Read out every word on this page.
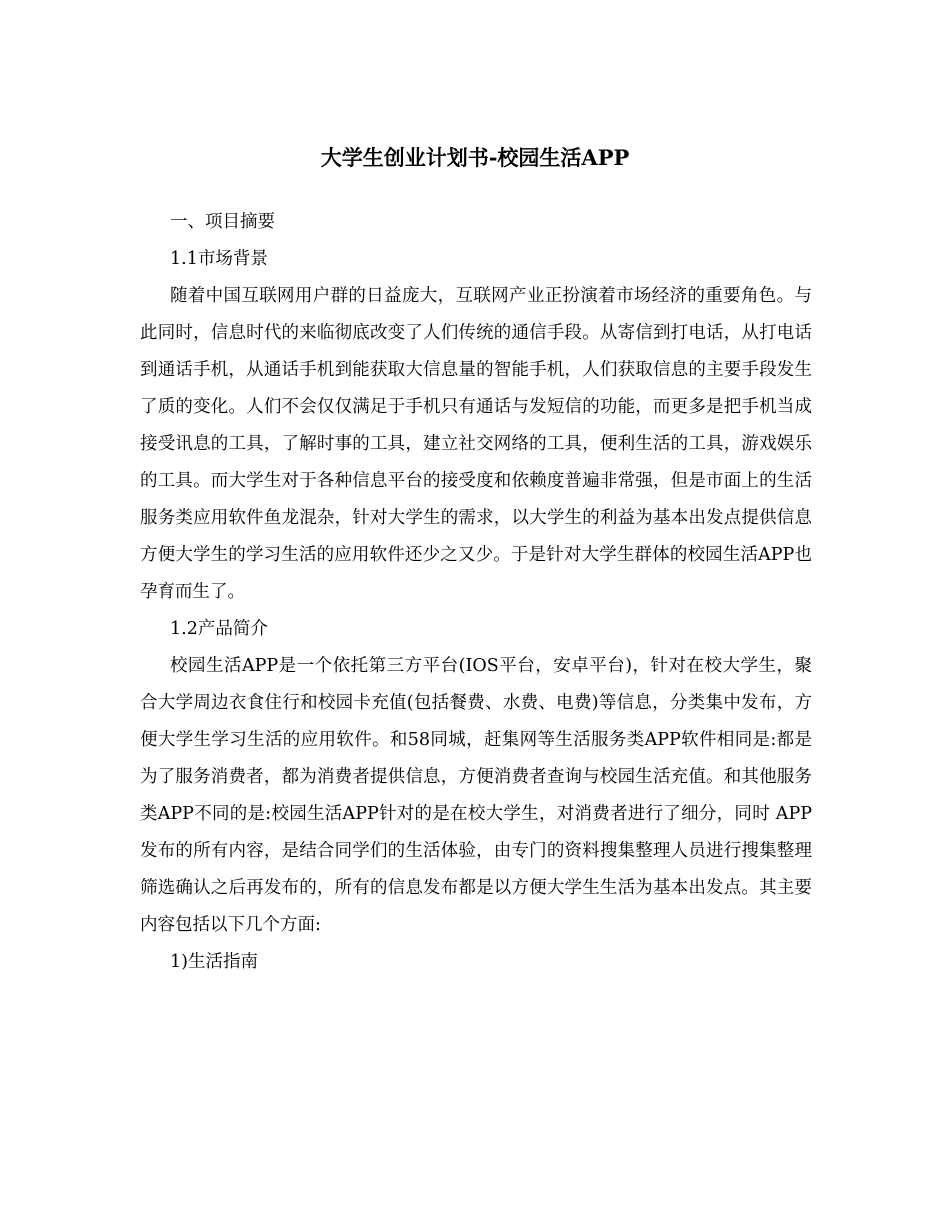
大学生创业计划书-校园生活APP

一、项目摘要

1.1市场背景

随着中国互联网用户群的日益庞大，互联网产业正扮演着市场经济的重要角色。与此同时，信息时代的来临彻底改变了人们传统的通信手段。从寄信到打电话，从打电话到通话手机，从通话手机到能获取大信息量的智能手机，人们获取信息的主要手段发生了质的变化。人们不会仅仅满足于手机只有通话与发短信的功能，而更多是把手机当成接受讯息的工具，了解时事的工具，建立社交网络的工具，便利生活的工具，游戏娱乐的工具。而大学生对于各种信息平台的接受度和依赖度普遍非常强，但是市面上的生活服务类应用软件鱼龙混杂，针对大学生的需求，以大学生的利益为基本出发点提供信息方便大学生的学习生活的应用软件还少之又少。于是针对大学生群体的校园生活APP也孕育而生了。

1.2产品简介

校园生活APP是一个依托第三方平台(IOS平台，安卓平台)，针对在校大学生，聚合大学周边衣食住行和校园卡充值(包括餐费、水费、电费)等信息，分类集中发布，方便大学生学习生活的应用软件。和58同城，赶集网等生活服务类APP软件相同是:都是为了服务消费者，都为消费者提供信息，方便消费者查询与校园生活充值。和其他服务类APP不同的是:校园生活APP针对的是在校大学生，对消费者进行了细分，同时 APP发布的所有内容，是结合同学们的生活体验，由专门的资料搜集整理人员进行搜集整理筛选确认之后再发布的，所有的信息发布都是以方便大学生生活为基本出发点。其主要内容包括以下几个方面:

1)生活指南
